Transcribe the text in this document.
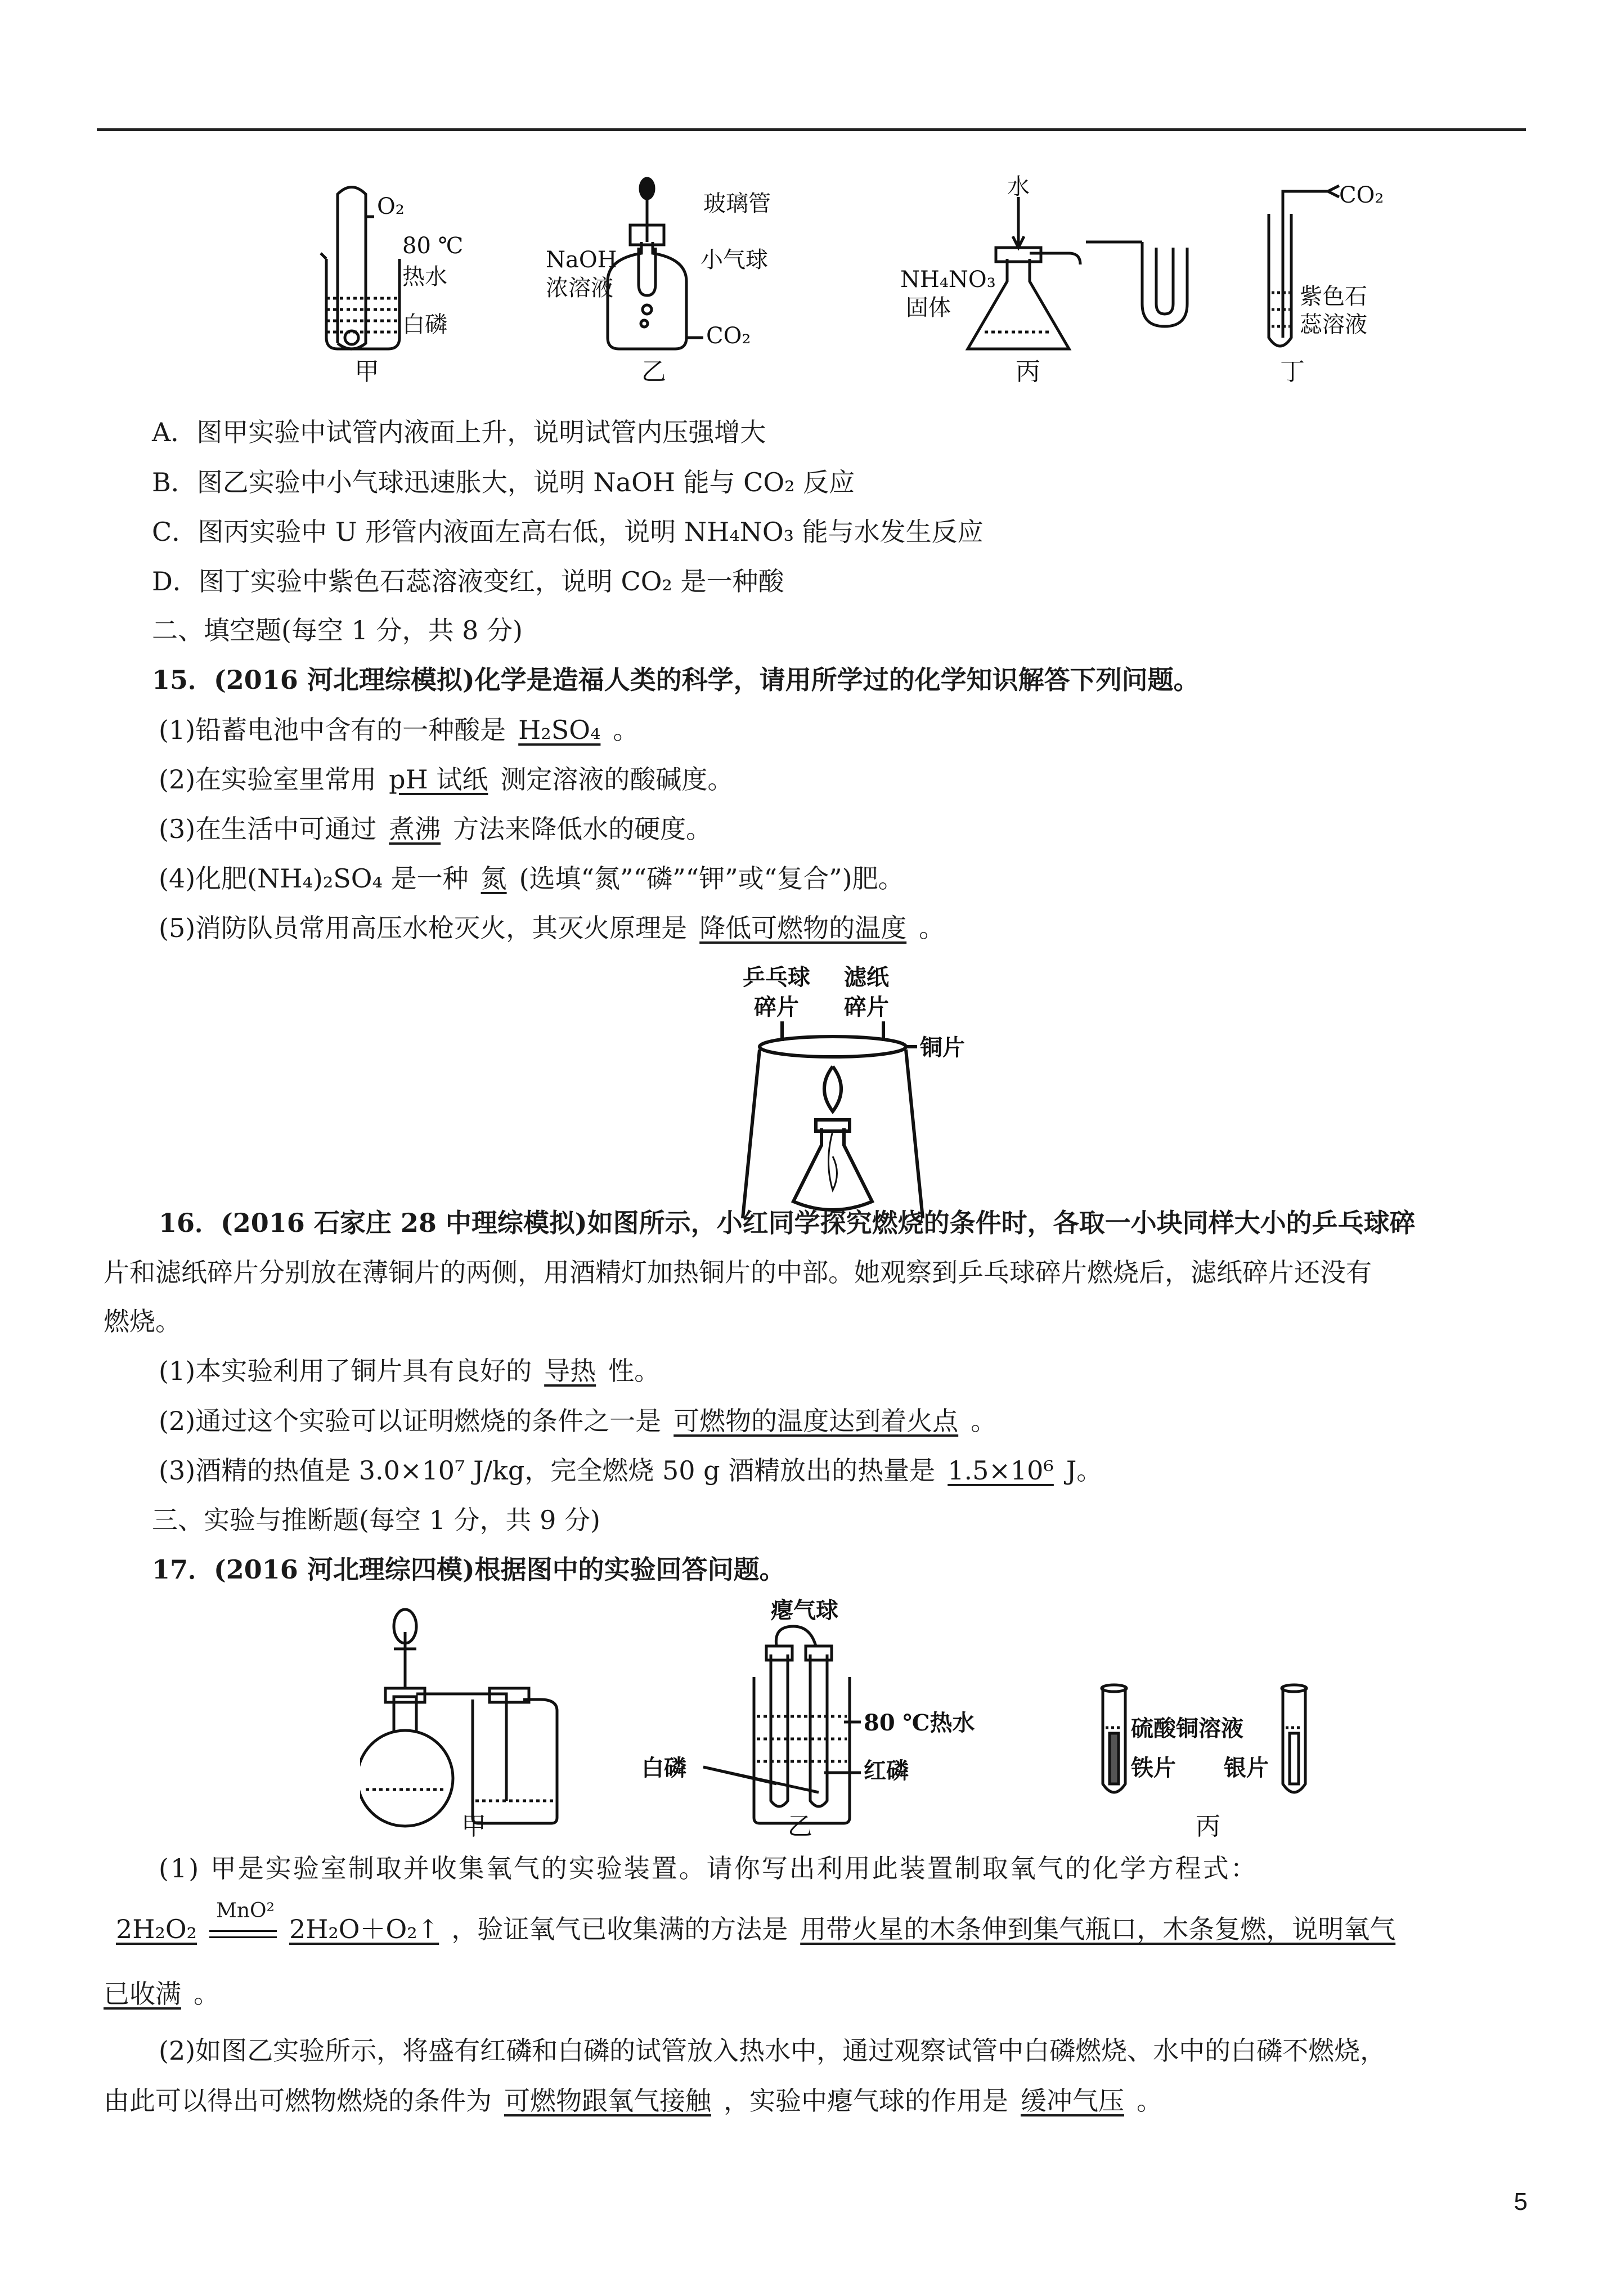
O₂
80 ℃
热水
白磷
甲
玻璃管
NaOH
浓溶液
小气球
CO₂
乙
水
NH₄NO₃
固体
丙
CO₂
紫色石
蕊溶液
丁
A．图甲实验中试管内液面上升，说明试管内压强增大
B．图乙实验中小气球迅速胀大，说明 NaOH 能与 CO₂ 反应
C．图丙实验中 U 形管内液面左高右低，说明 NH₄NO₃ 能与水发生反应
D．图丁实验中紫色石蕊溶液变红，说明 CO₂ 是一种酸
二、填空题(每空 1 分，共 8 分)
15．(2016 河北理综模拟)化学是造福人类的科学，请用所学过的化学知识解答下列问题。
(1)铅蓄电池中含有的一种酸是 H₂SO₄ 。
(2)在实验室里常用 pH 试纸 测定溶液的酸碱度。
(3)在生活中可通过 煮沸 方法来降低水的硬度。
(4)化肥(NH₄)₂SO₄ 是一种 氮 (选填“氮”“磷”“钾”或“复合”)肥。
(5)消防队员常用高压水枪灭火，其灭火原理是 降低可燃物的温度 。
乒乓球
碎片
滤纸
碎片
铜片
16．(2016 石家庄 28 中理综模拟)如图所示，小红同学探究燃烧的条件时，各取一小块同样大小的乒乓球碎
片和滤纸碎片分别放在薄铜片的两侧，用酒精灯加热铜片的中部。她观察到乒乓球碎片燃烧后，滤纸碎片还没有
燃烧。
(1)本实验利用了铜片具有良好的 导热 性。
(2)通过这个实验可以证明燃烧的条件之一是 可燃物的温度达到着火点 。
(3)酒精的热值是 3.0×10⁷ J/kg，完全燃烧 50 g 酒精放出的热量是 1.5×10⁶ J。
三、实验与推断题(每空 1 分，共 9 分)
17．(2016 河北理综四模)根据图中的实验回答问题。
甲
瘪气球
80 ℃热水
红磷
白磷
乙
硫酸铜溶液
铁片 银片
丙
(1) 甲是实验室制取并收集氧气的实验装置。请你写出利用此装置制取氧气的化学方程式：
2H₂O₂
MnO²
2H₂O＋O₂↑ ，验证氧气已收集满的方法是 用带火星的木条伸到集气瓶口，木条复燃，说明氧气
已收满 。
(2)如图乙实验所示，将盛有红磷和白磷的试管放入热水中，通过观察试管中白磷燃烧、水中的白磷不燃烧，
由此可以得出可燃物燃烧的条件为 可燃物跟氧气接触 ，实验中瘪气球的作用是 缓冲气压 。
5
